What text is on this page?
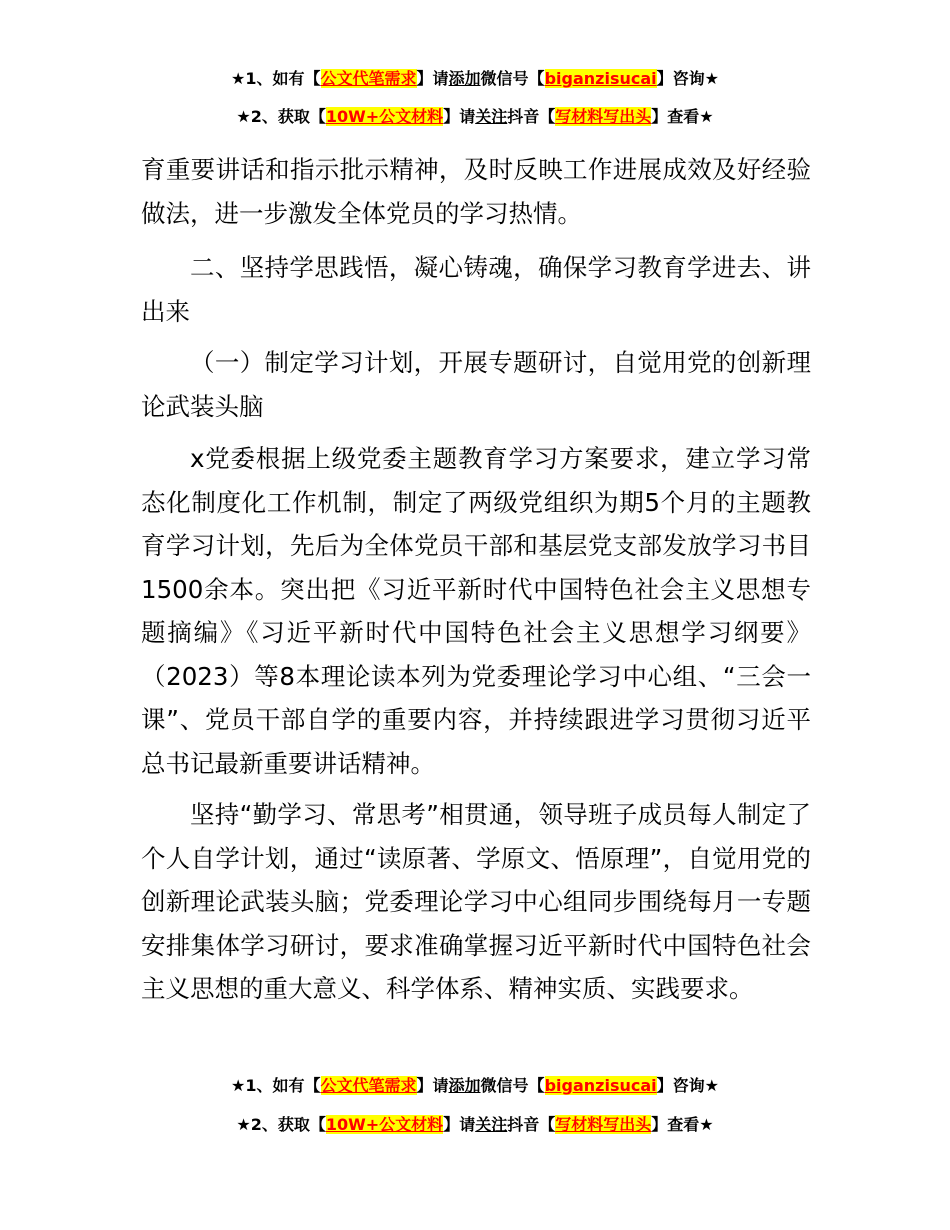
★1、如有【公文代笔需求】请添加微信号【biganzisucai】咨询★
★2、获取【10W+公文材料】请关注抖音【写材料写出头】查看★
育重要讲话和指示批示精神，及时反映工作进展成效及好经验做法，进一步激发全体党员的学习热情。
二、坚持学思践悟，凝心铸魂，确保学习教育学进去、讲出来
（一）制定学习计划，开展专题研讨，自觉用党的创新理论武装头脑
x党委根据上级党委主题教育学习方案要求，建立学习常态化制度化工作机制，制定了两级党组织为期5个月的主题教育学习计划，先后为全体党员干部和基层党支部发放学习书目1500余本。突出把《习近平新时代中国特色社会主义思想专题摘编》《习近平新时代中国特色社会主义思想学习纲要》（2023）等8本理论读本列为党委理论学习中心组、“三会一课”、党员干部自学的重要内容，并持续跟进学习贯彻习近平总书记最新重要讲话精神。
坚持“勤学习、常思考”相贯通，领导班子成员每人制定了个人自学计划，通过“读原著、学原文、悟原理”，自觉用党的创新理论武装头脑；党委理论学习中心组同步围绕每月一专题安排集体学习研讨，要求准确掌握习近平新时代中国特色社会主义思想的重大意义、科学体系、精神实质、实践要求。
★1、如有【公文代笔需求】请添加微信号【biganzisucai】咨询★
★2、获取【10W+公文材料】请关注抖音【写材料写出头】查看★
